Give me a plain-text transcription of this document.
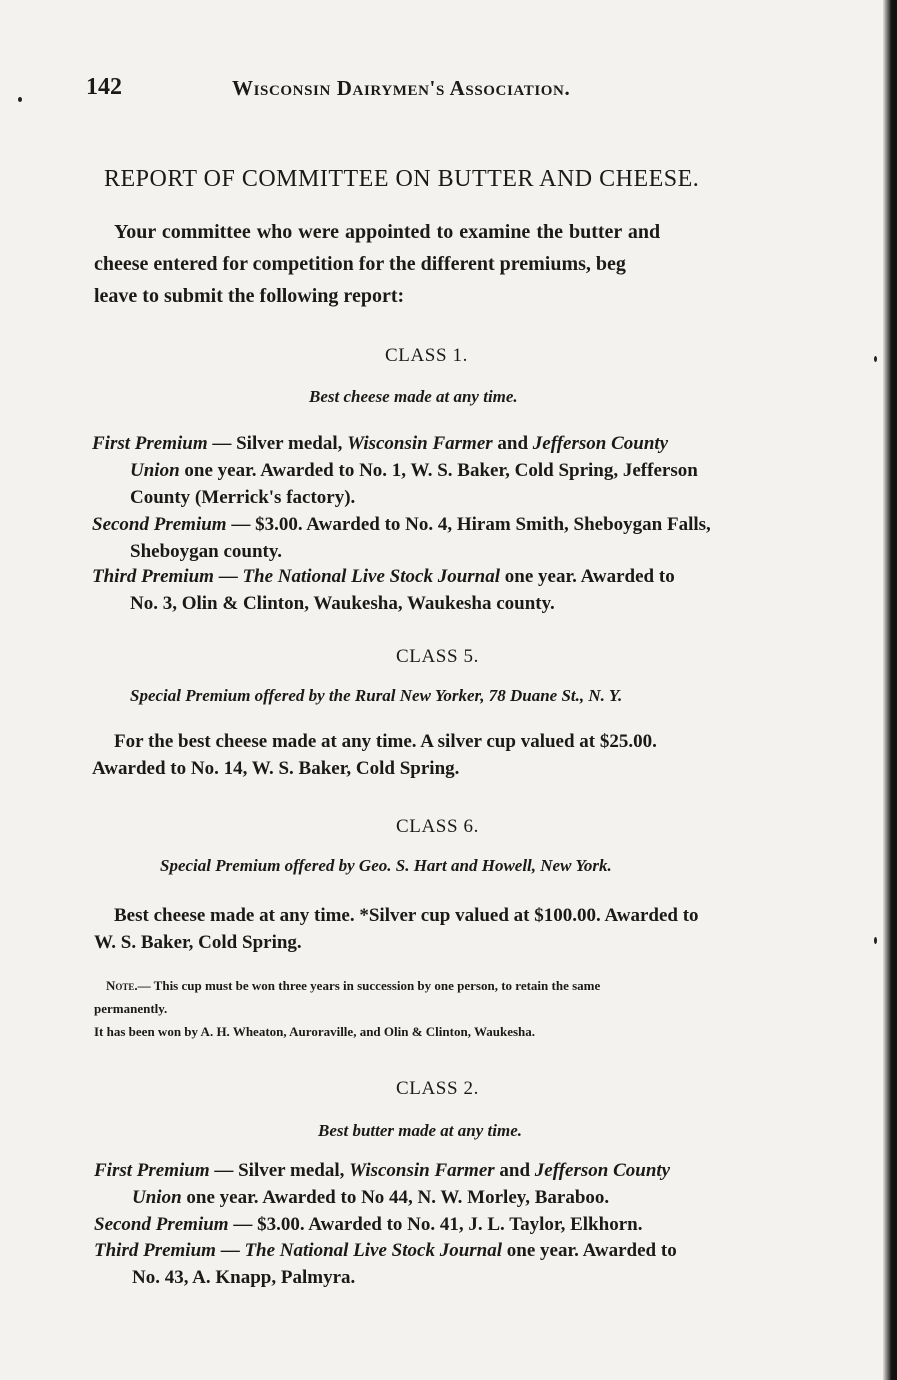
142	Wisconsin Dairymen's Association.
REPORT OF COMMITTEE ON BUTTER AND CHEESE.
Your committee who were appointed to examine the butter and
cheese entered for competition for the different premiums, beg
leave to submit the following report:
CLASS 1.
Best cheese made at any time.
First Premium — Silver medal, Wisconsin Farmer and Jefferson County
Union one year. Awarded to No. 1, W. S. Baker, Cold Spring, Jefferson
County (Merrick's factory).
Second Premium — $3.00. Awarded to No. 4, Hiram Smith, Sheboygan Falls,
Sheboygan county.
Third Premium — The National Live Stock Journal one year. Awarded to
No. 3, Olin & Clinton, Waukesha, Waukesha county.
CLASS 5.
Special Premium offered by the Rural New Yorker, 78 Duane St., N. Y.
For the best cheese made at any time. A silver cup valued at $25.00.
Awarded to No. 14, W. S. Baker, Cold Spring.
CLASS 6.
Special Premium offered by Geo. S. Hart and Howell, New York.
Best cheese made at any time. *Silver cup valued at $100.00. Awarded to
W. S. Baker, Cold Spring.
Note.— This cup must be won three years in succession by one person, to retain the same
permanently.
It has been won by A. H. Wheaton, Auroraville, and Olin & Clinton, Waukesha.
CLASS 2.
Best butter made at any time.
First Premium — Silver medal, Wisconsin Farmer and Jefferson County
Union one year. Awarded to No 44, N. W. Morley, Baraboo.
Second Premium — $3.00. Awarded to No. 41, J. L. Taylor, Elkhorn.
Third Premium — The National Live Stock Journal one year. Awarded to
No. 43, A. Knapp, Palmyra.
